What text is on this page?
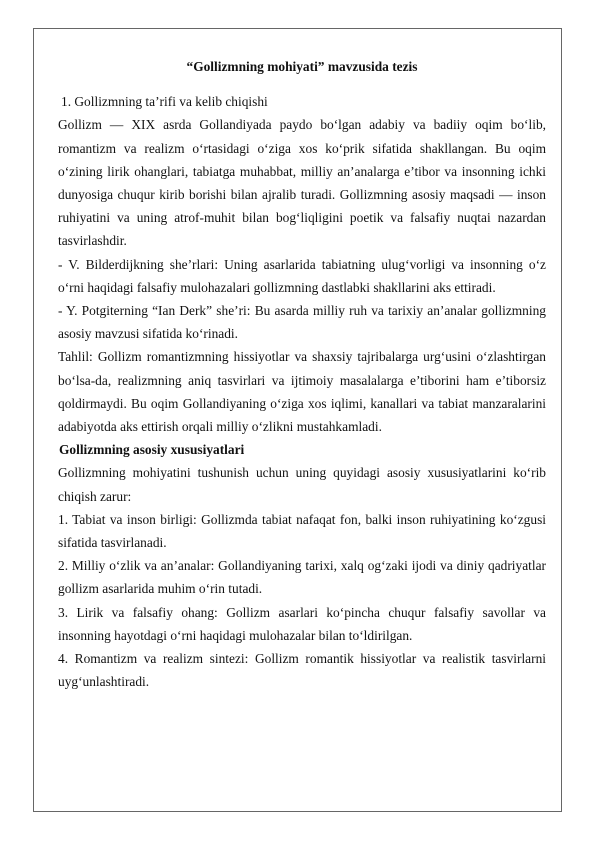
“Gollizmning mohiyati” mavzusida tezis
1. Gollizmning ta’rifi va kelib chiqishi

Gollizm — XIX asrda Gollandiyada paydo bo‘lgan adabiy va badiiy oqim bo‘lib, romantizm va realizm o‘rtasidagi o‘ziga xos ko‘prik sifatida shakllangan. Bu oqim o‘zining lirik ohanglari, tabiatga muhabbat, milliy an’analarga e’tibor va insonning ichki dunyosiga chuqur kirib borishi bilan ajralib turadi. Gollizmning asosiy maqsadi — inson ruhiyatini va uning atrof-muhit bilan bog‘liqligini poetik va falsafiy nuqtai nazardan tasvirlashdir.

- V. Bilderdijkning she’rlari: Uning asarlarida tabiatning ulug‘vorligi va insonning o‘z o‘rni haqidagi falsafiy mulohazalari gollizmning dastlabki shakllarini aks ettiradi.

- Y. Potgiterning “Ian Derk” she’ri: Bu asarda milliy ruh va tarixiy an’analar gollizmning asosiy mavzusi sifatida ko‘rinadi.

Tahlil: Gollizm romantizmning hissiyotlar va shaxsiy tajribalarga urg‘usini o‘zlashtirgan bo‘lsa-da, realizmning aniq tasvirlari va ijtimoiy masalalarga e’tiborini ham e’tiborsiz qoldirmaydi. Bu oqim Gollandiyaning o‘ziga xos iqlimi, kanallari va tabiat manzaralarini adabiyotda aks ettirish orqali milliy o‘zlikni mustahkamladi.

Gollizmning asosiy xususiyatlari

Gollizmning mohiyatini tushunish uchun uning quyidagi asosiy xususiyatlarini ko‘rib chiqish zarur:

1. Tabiat va inson birligi: Gollizmda tabiat nafaqat fon, balki inson ruhiyatining ko‘zgusi sifatida tasvirlanadi.

2. Milliy o‘zlik va an’analar: Gollandiyaning tarixi, xalq og‘zaki ijodi va diniy qadriyatlar gollizm asarlarida muhim o‘rin tutadi.

3. Lirik va falsafiy ohang: Gollizm asarlari ko‘pincha chuqur falsafiy savollar va insonning hayotdagi o‘rni haqidagi mulohazalar bilan to‘ldirilgan.

4. Romantizm va realizm sintezi: Gollizm romantik hissiyotlar va realistik tasvirlarni uyg‘unlashtiradi.
